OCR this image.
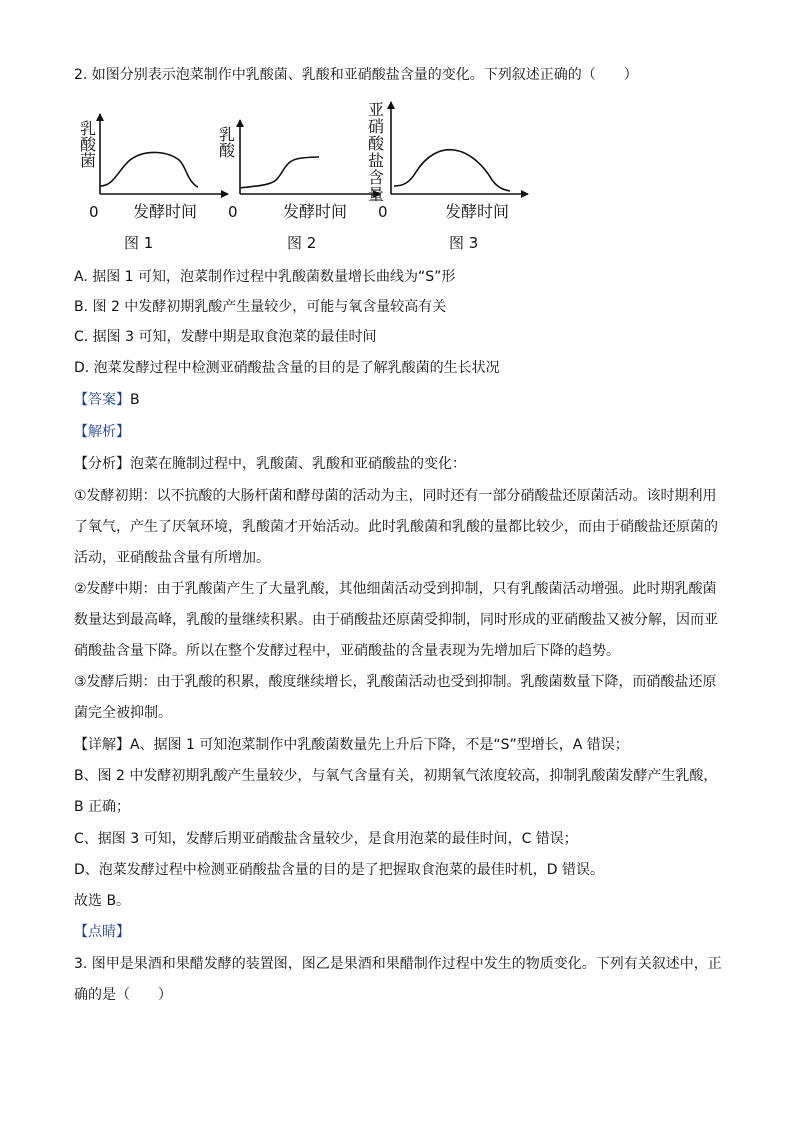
2. 如图分别表示泡菜制作中乳酸菌、乳酸和亚硝酸盐含量的变化。下列叙述正确的（　　）
乳
酸
菌
0 发酵时间
图 1
乳
酸
0	发酵时间
图 2
亚
硝
酸
盐
含
量
0	发酵时间
图 3
A. 据图 1 可知，泡菜制作过程中乳酸菌数量增长曲线为“S”形
B. 图 2 中发酵初期乳酸产生量较少，可能与氧含量较高有关
C. 据图 3 可知，发酵中期是取食泡菜的最佳时间
D. 泡菜发酵过程中检测亚硝酸盐含量的目的是了解乳酸菌的生长状况
【答案】B
【解析】
【分析】泡菜在腌制过程中，乳酸菌、乳酸和亚硝酸盐的变化：
①发酵初期：以不抗酸的大肠杆菌和酵母菌的活动为主，同时还有一部分硝酸盐还原菌活动。该时期利用
了氧气，产生了厌氧环境，乳酸菌才开始活动。此时乳酸菌和乳酸的量都比较少，而由于硝酸盐还原菌的
活动，亚硝酸盐含量有所增加。
②发酵中期：由于乳酸菌产生了大量乳酸，其他细菌活动受到抑制，只有乳酸菌活动增强。此时期乳酸菌
数量达到最高峰，乳酸的量继续积累。由于硝酸盐还原菌受抑制，同时形成的亚硝酸盐又被分解，因而亚
硝酸盐含量下降。所以在整个发酵过程中，亚硝酸盐的含量表现为先增加后下降的趋势。
③发酵后期：由于乳酸的积累，酸度继续增长，乳酸菌活动也受到抑制。乳酸菌数量下降，而硝酸盐还原
菌完全被抑制。
【详解】A、据图 1 可知泡菜制作中乳酸菌数量先上升后下降，不是“S”型增长，A 错误；
B、图 2 中发酵初期乳酸产生量较少，与氧气含量有关，初期氧气浓度较高，抑制乳酸菌发酵产生乳酸，
B 正确；
C、据图 3 可知，发酵后期亚硝酸盐含量较少，是食用泡菜的最佳时间，C 错误；
D、泡菜发酵过程中检测亚硝酸盐含量的目的是了把握取食泡菜的最佳时机，D 错误。
故选 B。
【点睛】
3. 图甲是果酒和果醋发酵的装置图，图乙是果酒和果醋制作过程中发生的物质变化。下列有关叙述中，正
确的是（　　）
